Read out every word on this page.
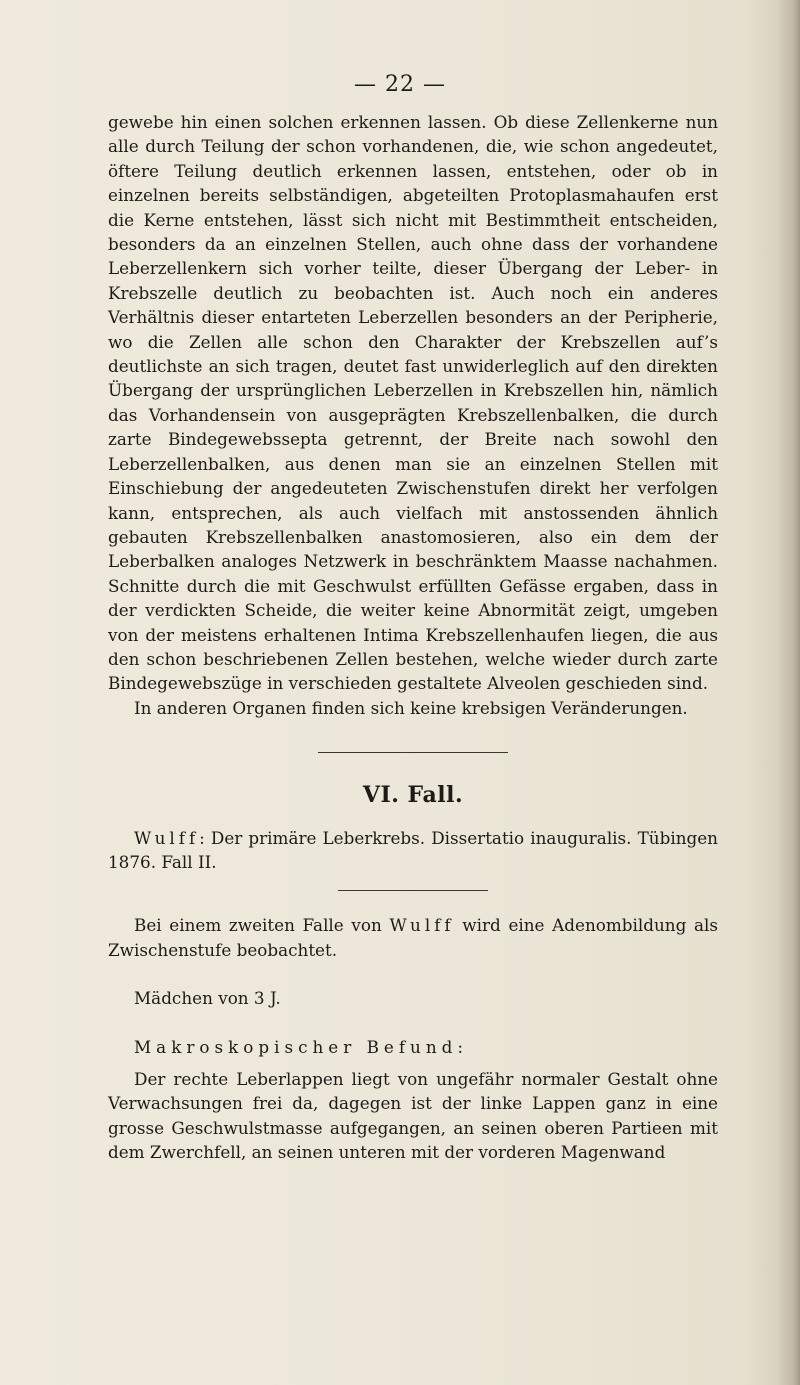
— 22 —

gewebe hin einen solchen erkennen lassen. Ob diese Zellenkerne nun alle durch Teilung der schon vorhandenen, die, wie schon angedeutet, öftere Teilung deutlich erkennen lassen, entstehen, oder ob in einzelnen bereits selbständigen, abgeteilten Protoplasmahaufen erst die Kerne entstehen, lässt sich nicht mit Bestimmtheit entscheiden, besonders da an einzelnen Stellen, auch ohne dass der vorhandene Leberzellenkern sich vorher teilte, dieser Übergang der Leber- in Krebszelle deutlich zu beobachten ist. Auch noch ein anderes Verhältnis dieser entarteten Leberzellen besonders an der Peripherie, wo die Zellen alle schon den Charakter der Krebszellen auf’s deutlichste an sich tragen, deutet fast unwiderleglich auf den direkten Übergang der ursprünglichen Leberzellen in Krebszellen hin, nämlich das Vorhandensein von ausgeprägten Krebszellenbalken, die durch zarte Bindegewebssepta getrennt, der Breite nach sowohl den Leberzellenbalken, aus denen man sie an einzelnen Stellen mit Einschiebung der angedeuteten Zwischenstufen direkt her verfolgen kann, entsprechen, als auch vielfach mit anstossenden ähnlich gebauten Krebszellenbalken anastomosieren, also ein dem der Leberbalken analoges Netzwerk in beschränktem Maasse nachahmen. Schnitte durch die mit Geschwulst erfüllten Gefässe ergaben, dass in der verdickten Scheide, die weiter keine Abnormität zeigt, umgeben von der meistens erhaltenen Intima Krebszellenhaufen liegen, die aus den schon beschriebenen Zellen bestehen, welche wieder durch zarte Bindegewebszüge in verschieden gestaltete Alveolen geschieden sind.

In anderen Organen finden sich keine krebsigen Veränderungen.

VI. Fall.

Wulff: Der primäre Leberkrebs. Dissertatio inauguralis. Tübingen 1876. Fall II.

Bei einem zweiten Falle von Wulff wird eine Adenombildung als Zwischenstufe beobachtet.

Mädchen von 3 J.

Makroskopischer Befund:

Der rechte Leberlappen liegt von ungefähr normaler Gestalt ohne Verwachsungen frei da, dagegen ist der linke Lappen ganz in eine grosse Geschwulstmasse aufgegangen, an seinen oberen Partieen mit dem Zwerchfell, an seinen unteren mit der vorderen Magenwand
